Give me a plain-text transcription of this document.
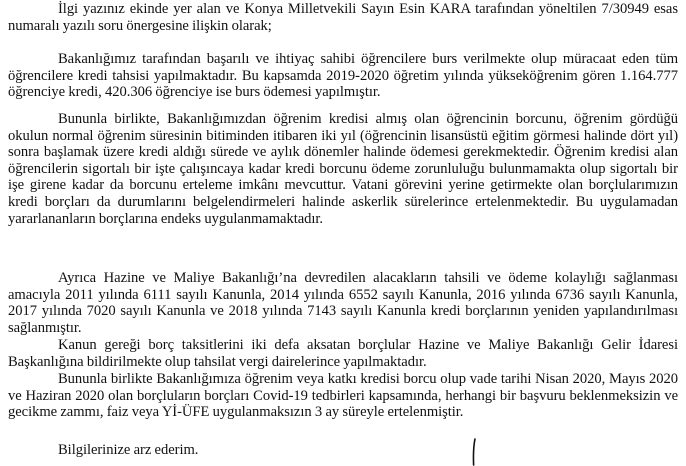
İlgi yazınız ekinde yer alan ve Konya Milletvekili Sayın Esin KARA tarafından yöneltilen 7/30949 esas numaralı yazılı soru önergesine ilişkin olarak;

Bakanlığımız tarafından başarılı ve ihtiyaç sahibi öğrencilere burs verilmekte olup müracaat eden tüm öğrencilere kredi tahsisi yapılmaktadır. Bu kapsamda 2019-2020 öğretim yılında yükseköğrenim gören 1.164.777 öğrenciye kredi, 420.306 öğrenciye ise burs ödemesi yapılmıştır.

Bununla birlikte, Bakanlığımızdan öğrenim kredisi almış olan öğrencinin borcunu, öğrenim gördüğü okulun normal öğrenim süresinin bitiminden itibaren iki yıl (öğrencinin lisansüstü eğitim görmesi halinde dört yıl) sonra başlamak üzere kredi aldığı sürede ve aylık dönemler halinde ödemesi gerekmektedir. Öğrenim kredisi alan öğrencilerin sigortalı bir işte çalışıncaya kadar kredi borcunu ödeme zorunluluğu bulunmamakta olup sigortalı bir işe girene kadar da borcunu erteleme imkânı mevcuttur. Vatani görevini yerine getirmekte olan borçlularımızın kredi borçları da durumlarını belgelendirmeleri halinde askerlik sürelerince ertelenmektedir. Bu uygulamadan yararlananların borçlarına endeks uygulanmamaktadır.

Ayrıca Hazine ve Maliye Bakanlığı’na devredilen alacakların tahsili ve ödeme kolaylığı sağlanması amacıyla 2011 yılında 6111 sayılı Kanunla, 2014 yılında 6552 sayılı Kanunla, 2016 yılında 6736 sayılı Kanunla, 2017 yılında 7020 sayılı Kanunla ve 2018 yılında 7143 sayılı Kanunla kredi borçlarının yeniden yapılandırılması sağlanmıştır.

Kanun gereği borç taksitlerini iki defa aksatan borçlular Hazine ve Maliye Bakanlığı Gelir İdaresi Başkanlığına bildirilmekte olup tahsilat vergi dairelerince yapılmaktadır.

Bununla birlikte Bakanlığımıza öğrenim veya katkı kredisi borcu olup vade tarihi Nisan 2020, Mayıs 2020 ve Haziran 2020 olan borçluların borçları Covid-19 tedbirleri kapsamında, herhangi bir başvuru beklenmeksizin ve gecikme zammı, faiz veya Yİ-ÜFE uygulanmaksızın 3 ay süreyle ertelenmiştir.

Bilgilerinize arz ederim.
